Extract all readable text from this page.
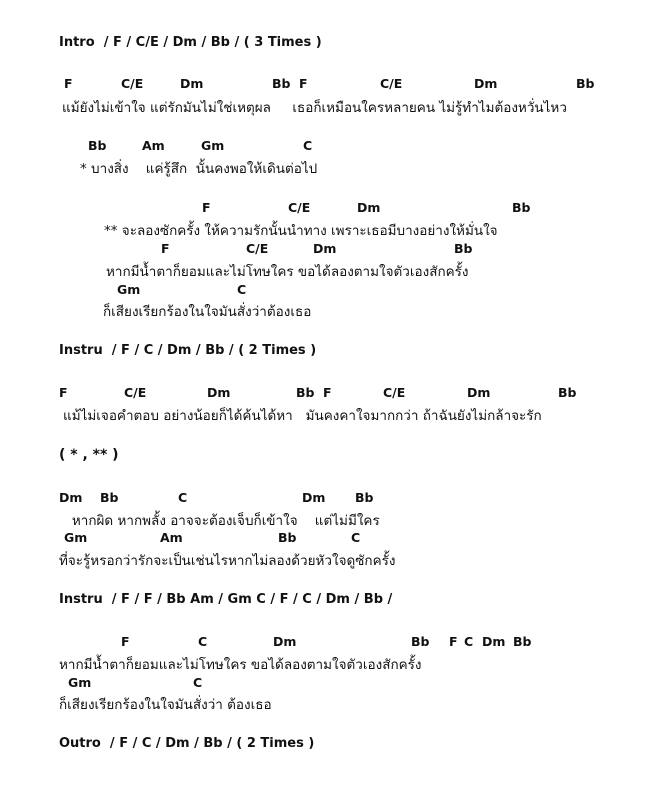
Intro  / F / C/E / Dm / Bb / ( 3 Times )
F	C/E	Dm	Bb F	C/E	Dm	Bb
แม้ยังไม่เข้าใจ แต่รักมันไม่ใช่เหตุผล     เธอก็เหมือนใครหลายคน ไม่รู้ทำไมต้องหวั่นไหว
Bb	Am	Gm	C
* บางสิ่ง    แค่รู้สึก  นั้นคงพอให้เดินต่อไป
F	C/E	Dm	Bb
** จะลองซักครั้ง ให้ความรักนั้นนำทาง เพราะเธอมีบางอย่างให้มั่นใจ
F	C/E	Dm	Bb
หากมีน้ำตาก็ยอมและไม่โทษใคร ขอได้ลองตามใจตัวเองสักครั้ง
Gm	C
ก็เสียงเรียกร้องในใจมันสั่งว่าต้องเธอ
Instru  / F / C / Dm / Bb / ( 2 Times )
F	C/E	Dm	Bb F	C/E	Dm	Bb
แม้ไม่เจอคำตอบ อย่างน้อยก็ได้ค้นได้หา   มันคงคาใจมากกว่า ถ้าฉันยังไม่กล้าจะรัก
( * , ** )
Dm Bb	C	Dm Bb
หากผิด หากพลั้ง อาจจะต้องเจ็บก็เข้าใจ    แต่ไม่มีใคร
Gm	Am	Bb	C
ที่จะรู้หรอกว่ารักจะเป็นเช่นไรหากไม่ลองด้วยหัวใจดูซักครั้ง
Instru  / F / F / Bb Am / Gm C / F / C / Dm / Bb /
F	C	Dm	Bb F C Dm Bb
หากมีน้ำตาก็ยอมและไม่โทษใคร ขอได้ลองตามใจตัวเองสักครั้ง
Gm	C
ก็เสียงเรียกร้องในใจมันสั่งว่า ต้องเธอ
Outro  / F / C / Dm / Bb / ( 2 Times )
